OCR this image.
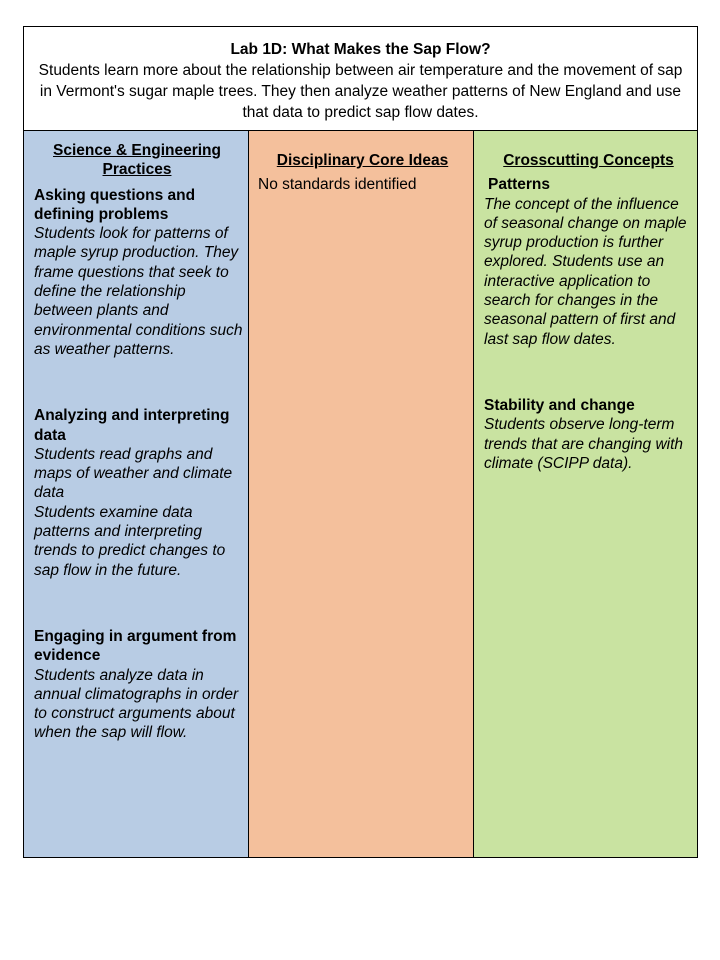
Lab 1D: What Makes the Sap Flow?
Students learn more about the relationship between air temperature and the movement of sap in Vermont's sugar maple trees. They then analyze weather patterns of New England and use that data to predict sap flow dates.
Science & Engineering Practices
Asking questions and defining problems
Students look for patterns of maple syrup production. They frame questions that seek to define the relationship between plants and environmental conditions such as weather patterns.
Analyzing and interpreting data
Students read graphs and maps of weather and climate data
Students examine data patterns and interpreting trends to predict changes to sap flow in the future.
Engaging in argument from evidence
Students analyze data in annual climatographs in order to construct arguments about when the sap will flow.
Disciplinary Core Ideas
No standards identified
Crosscutting Concepts
Patterns
The concept of the influence of seasonal change on maple syrup production is further explored. Students use an interactive application to search for changes in the seasonal pattern of first and last sap flow dates.
Stability and change
Students observe long-term trends that are changing with climate (SCIPP data).
